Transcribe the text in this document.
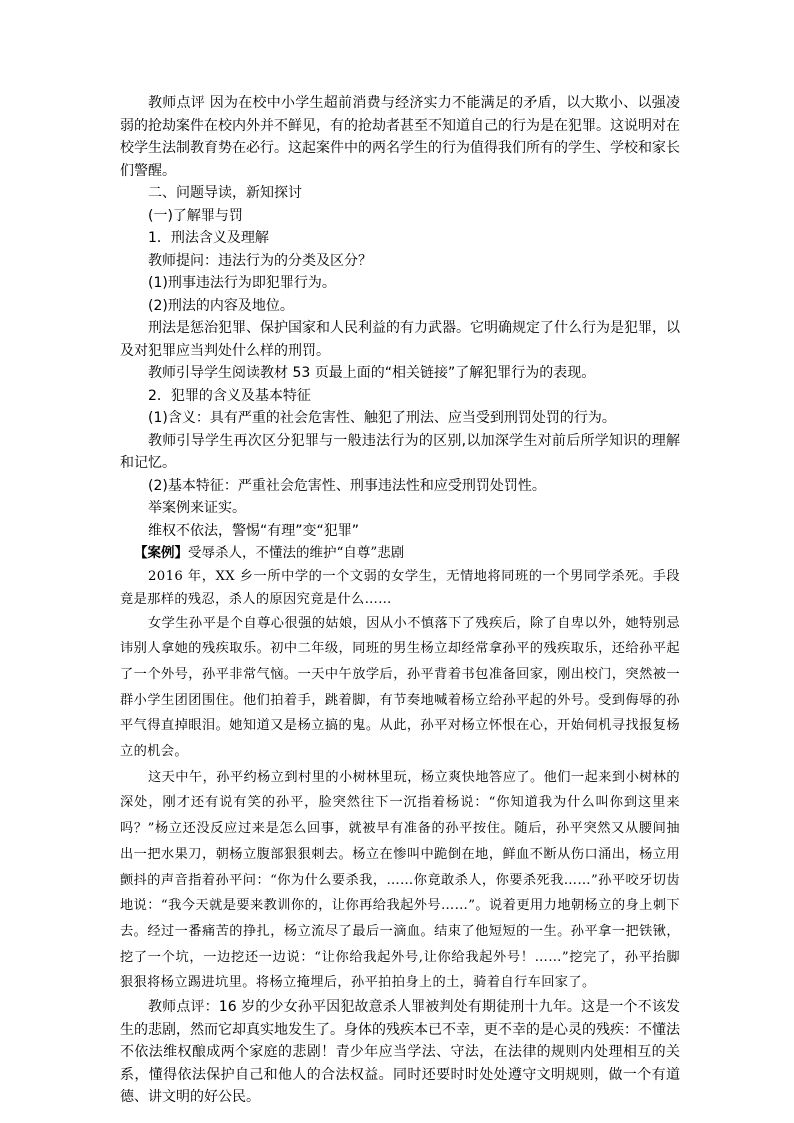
教师点评 因为在校中小学生超前消费与经济实力不能满足的矛盾，以大欺小、以强凌弱的抢劫案件在校内外并不鲜见，有的抢劫者甚至不知道自己的行为是在犯罪。这说明对在校学生法制教育势在必行。这起案件中的两名学生的行为值得我们所有的学生、学校和家长们警醒。

二、问题导读，新知探讨

(一)了解罪与罚

1．刑法含义及理解

教师提问：违法行为的分类及区分？

(1)刑事违法行为即犯罪行为。

(2)刑法的内容及地位。

刑法是惩治犯罪、保护国家和人民利益的有力武器。它明确规定了什么行为是犯罪，以及对犯罪应当判处什么样的刑罚。

教师引导学生阅读教材 53 页最上面的“相关链接”了解犯罪行为的表现。

2．犯罪的含义及基本特征

(1)含义：具有严重的社会危害性、触犯了刑法、应当受到刑罚处罚的行为。

教师引导学生再次区分犯罪与一般违法行为的区别,以加深学生对前后所学知识的理解和记忆。

(2)基本特征：严重社会危害性、刑事违法性和应受刑罚处罚性。

举案例来证实。

维权不依法，警惕“有理”变“犯罪”

【案例】受辱杀人，不懂法的维护“自尊”悲剧

2016 年，XX 乡一所中学的一个文弱的女学生，无情地将同班的一个男同学杀死。手段竟是那样的残忍，杀人的原因究竟是什么……

女学生孙平是个自尊心很强的姑娘，因从小不慎落下了残疾后，除了自卑以外，她特别忌讳别人拿她的残疾取乐。初中二年级，同班的男生杨立却经常拿孙平的残疾取乐，还给孙平起了一个外号，孙平非常气恼。一天中午放学后，孙平背着书包准备回家，刚出校门，突然被一群小学生团团围住。他们拍着手，跳着脚，有节奏地喊着杨立给孙平起的外号。受到侮辱的孙平气得直掉眼泪。她知道又是杨立搞的鬼。从此，孙平对杨立怀恨在心，开始伺机寻找报复杨立的机会。

这天中午，孙平约杨立到村里的小树林里玩，杨立爽快地答应了。他们一起来到小树林的深处，刚才还有说有笑的孙平，脸突然往下一沉指着杨说：“你知道我为什么叫你到这里来吗？”杨立还没反应过来是怎么回事，就被早有准备的孙平按住。随后，孙平突然又从腰间抽出一把水果刀，朝杨立腹部狠狠刺去。杨立在惨叫中跪倒在地，鲜血不断从伤口涌出，杨立用颤抖的声音指着孙平问：“你为什么要杀我，……你竟敢杀人，你要杀死我……”孙平咬牙切齿地说：“我今天就是要来教训你的，让你再给我起外号……”。说着更用力地朝杨立的身上刺下去。经过一番痛苦的挣扎，杨立流尽了最后一滴血。结束了他短短的一生。孙平拿一把铁锹，挖了一个坑，一边挖还一边说：“让你给我起外号,让你给我起外号！……”挖完了，孙平抬脚狠狠将杨立踢进坑里。将杨立掩埋后，孙平拍拍身上的土，骑着自行车回家了。

教师点评：16 岁的少女孙平因犯故意杀人罪被判处有期徒刑十九年。这是一个不该发生的悲剧，然而它却真实地发生了。身体的残疾本已不幸，更不幸的是心灵的残疾：不懂法不依法维权酿成两个家庭的悲剧！青少年应当学法、守法，在法律的规则内处理相互的关系，懂得依法保护自己和他人的合法权益。同时还要时时处处遵守文明规则，做一个有道德、讲文明的好公民。
